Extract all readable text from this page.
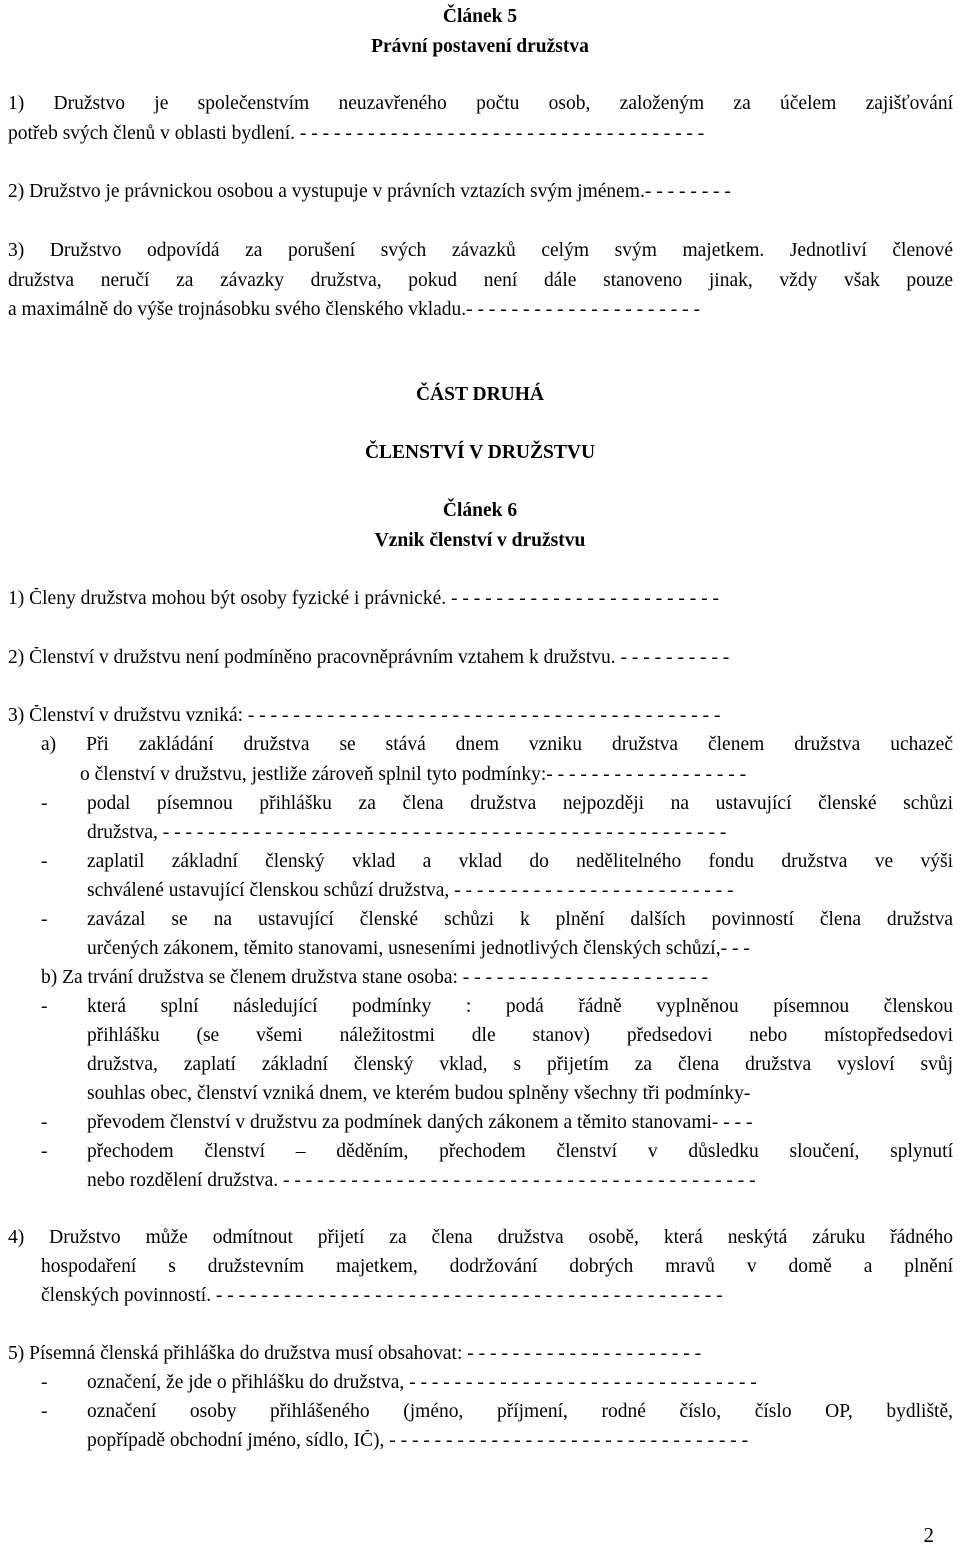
Článek 5
Právní postavení družstva
1) Družstvo je společenstvím neuzavřeného počtu osob, založeným za účelem zajišťování
potřeb svých členů v oblasti bydlení. - - - - - - - - - - - - - - - - - - - - - - - - - - - - - - - - - - - -
2) Družstvo je právnickou osobou a vystupuje v právních vztazích svým jménem.- - - - - - - -
3) Družstvo odpovídá za porušení svých závazků celým svým majetkem. Jednotliví členové
družstva neručí za závazky družstva, pokud není dále stanoveno jinak, vždy však pouze
a maximálně do výše trojnásobku svého členského vkladu.- - - - - - - - - - - - - - - - - - - - -
ČÁST DRUHÁ
ČLENSTVÍ V DRUŽSTVU
Článek 6
Vznik členství v družstvu
1) Členy družstva mohou být osoby fyzické i právnické. - - - - - - - - - - - - - - - - - - - - - - - -
2) Členství v družstvu není podmíněno pracovněprávním vztahem k družstvu. - - - - - - - - - -
3) Členství v družstvu vzniká: - - - - - - - - - - - - - - - - - - - - - - - - - - - - - - - - - - - - - - - - - -
a) Při zakládání družstva se stává dnem vzniku družstva členem družstva uchazeč
o členství v družstvu, jestliže zároveň splnil tyto podmínky:- - - - - - - - - - - - - - - - - -
- podal písemnou přihlášku za člena družstva nejpozději na ustavující členské schůzi
družstva, - - - - - - - - - - - - - - - - - - - - - - - - - - - - - - - - - - - - - - - - - - - - - - - - - -
- zaplatil základní členský vklad a vklad do nedělitelného fondu družstva ve výši
schválené ustavující členskou schůzí družstva, - - - - - - - - - - - - - - - - - - - - - - - - -
- zavázal se na ustavující členské schůzi k plnění dalších povinností člena družstva
určených zákonem, těmito stanovami, usneseními jednotlivých členských schůzí,- - -
b) Za trvání družstva se členem družstva stane osoba: - - - - - - - - - - - - - - - - - - - - - -
- která splní následující podmínky : podá řádně vyplněnou písemnou členskou
přihlášku (se všemi náležitostmi dle stanov) předsedovi nebo místopředsedovi
družstva, zaplatí základní členský vklad, s přijetím za člena družstva vysloví svůj
souhlas obec, členství vzniká dnem, ve kterém budou splněny všechny tři podmínky-
- převodem členství v družstvu za podmínek daných zákonem a těmito stanovami- - - -
- přechodem členství – děděním, přechodem členství v důsledku sloučení, splynutí
nebo rozdělení družstva. - - - - - - - - - - - - - - - - - - - - - - - - - - - - - - - - - - - - - - - - - -
4) Družstvo může odmítnout přijetí za člena družstva osobě, která neskýtá záruku řádného
hospodaření s družstevním majetkem, dodržování dobrých mravů v domě a plnění
členských povinností. - - - - - - - - - - - - - - - - - - - - - - - - - - - - - - - - - - - - - - - - - - - - -
5) Písemná členská přihláška do družstva musí obsahovat: - - - - - - - - - - - - - - - - - - - - -
- označení, že jde o přihlášku do družstva, - - - - - - - - - - - - - - - - - - - - - - - - - - - - - - -
- označení osoby přihlášeného (jméno, příjmení, rodné číslo, číslo OP, bydliště,
popřípadě obchodní jméno, sídlo, IČ), - - - - - - - - - - - - - - - - - - - - - - - - - - - - - - - -
2
